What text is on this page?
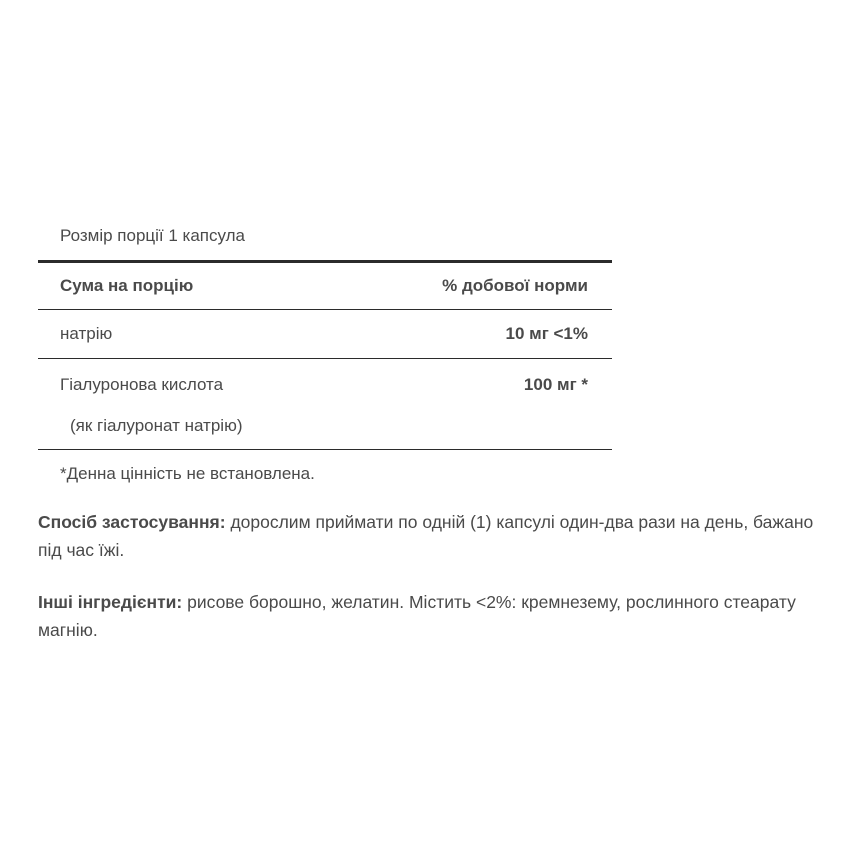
Розмір порції 1 капсула
Сума на порцію	% добової норми
натрію	10 мг <1%
Гіалуронова кислота	100 мг *
(як гіалуронат натрію)
*Денна цінність не встановлена.
Спосіб застосування: дорослим приймати по одній (1) капсулі один-два рази на день, бажано під час їжі.
Інші інгредієнти: рисове борошно, желатин. Містить <2%: кремнезему, рослинного стеарату магнію.
